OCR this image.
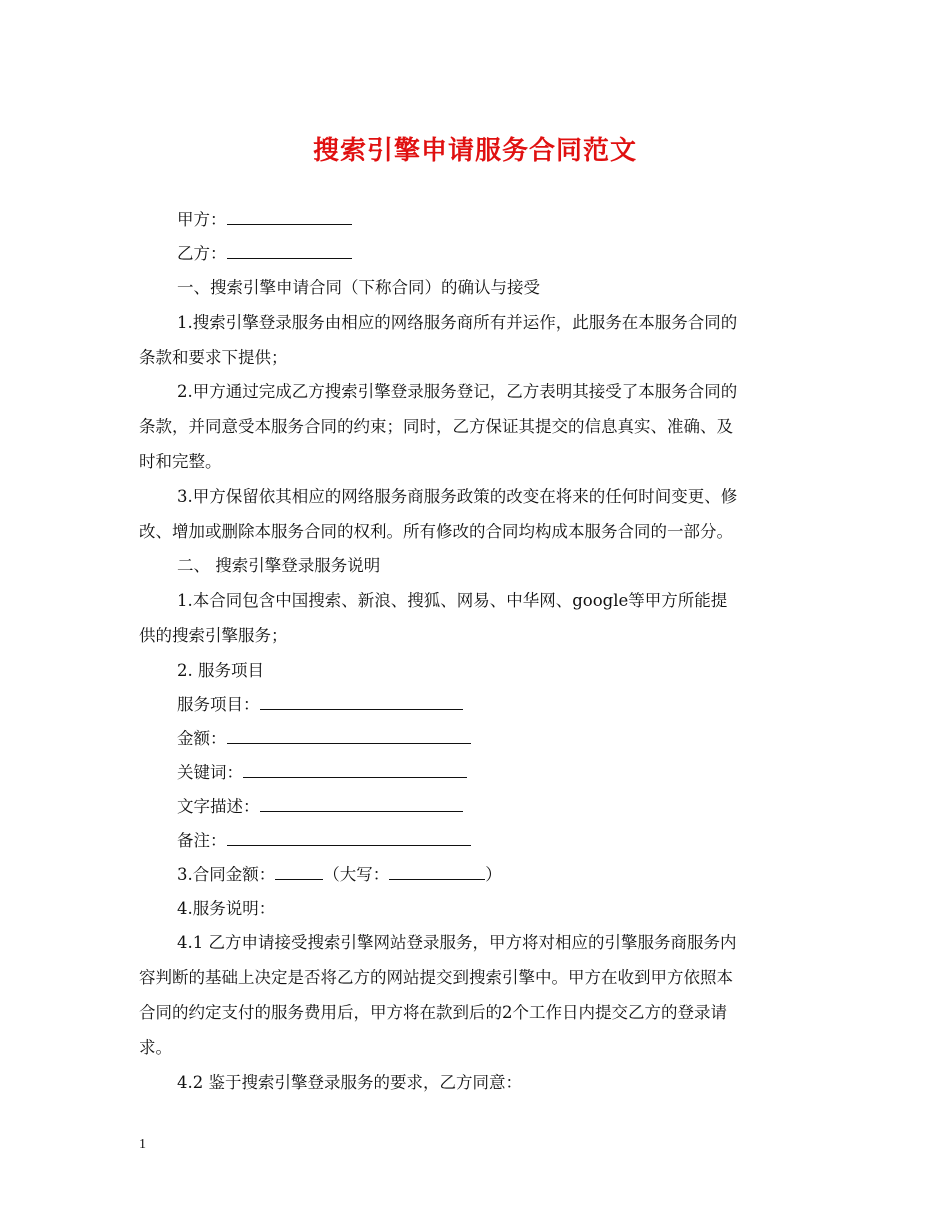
搜索引擎申请服务合同范文
甲方：
乙方：
一、搜索引擎申请合同（下称合同）的确认与接受
1.搜索引擎登录服务由相应的网络服务商所有并运作，此服务在本服务合同的
条款和要求下提供；
2.甲方通过完成乙方搜索引擎登录服务登记，乙方表明其接受了本服务合同的
条款，并同意受本服务合同的约束；同时，乙方保证其提交的信息真实、准确、及
时和完整。
3.甲方保留依其相应的网络服务商服务政策的改变在将来的任何时间变更、修
改、增加或删除本服务合同的权利。所有修改的合同均构成本服务合同的一部分。
二、 搜索引擎登录服务说明
1.本合同包含中国搜索、新浪、搜狐、网易、中华网、google等甲方所能提
供的搜索引擎服务；
2. 服务项目
服务项目：
金额：
关键词：
文字描述：
备注：
3.合同金额：	（大写：	）
4.服务说明：
4.1 乙方申请接受搜索引擎网站登录服务，甲方将对相应的引擎服务商服务内
容判断的基础上决定是否将乙方的网站提交到搜索引擎中。甲方在收到甲方依照本
合同的约定支付的服务费用后，甲方将在款到后的2个工作日内提交乙方的登录请
求。
4.2 鉴于搜索引擎登录服务的要求，乙方同意：
1
